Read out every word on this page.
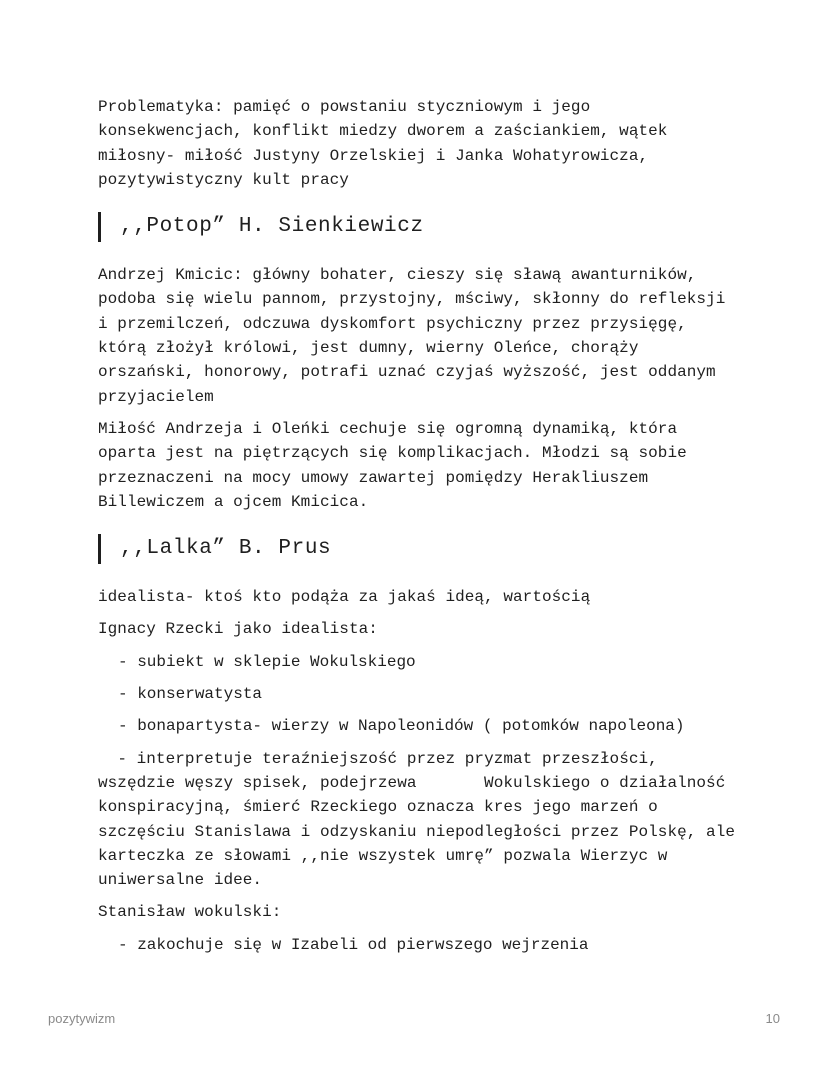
Problematyka: pamięć o powstaniu styczniowym i jego konsekwencjach, konflikt miedzy dworem a zaściankiem, wątek miłosny- miłość Justyny Orzelskiej i Janka Wohatyrowicza, pozytywistyczny kult pracy

,,Potop” H. Sienkiewicz

Andrzej Kmicic: główny bohater, cieszy się sławą awanturników, podoba się wielu pannom, przystojny, mściwy, skłonny do refleksji i przemilczeń, odczuwa dyskomfort psychiczny przez przysięgę, którą złożył królowi, jest dumny, wierny Oleńce, chorąży orszański, honorowy, potrafi uznać czyjaś wyższość, jest oddanym przyjacielem

Miłość Andrzeja i Oleńki cechuje się ogromną dynamiką, która oparta jest na piętrzących się komplikacjach. Młodzi są sobie przeznaczeni na mocy umowy zawartej pomiędzy Herakliuszem Billewiczem a ojcem Kmicica.

,,Lalka” B. Prus

idealista- ktoś kto podąża za jakaś ideą, wartością

Ignacy Rzecki jako idealista:

- subiekt w sklepie Wokulskiego

- konserwatysta

- bonapartysta- wierzy w Napoleonidów ( potomków napoleona)

- interpretuje teraźniejszość przez pryzmat przeszłości, wszędzie węszy spisek, podejrzewa       Wokulskiego o działalność konspiracyjną, śmierć Rzeckiego oznacza kres jego marzeń o szczęściu Stanislawa i odzyskaniu niepodległości przez Polskę, ale karteczka ze słowami ,,nie wszystek umrę” pozwala Wierzyc w uniwersalne idee.

Stanisław wokulski:

- zakochuje się w Izabeli od pierwszego wejrzenia

pozytywizm	10
